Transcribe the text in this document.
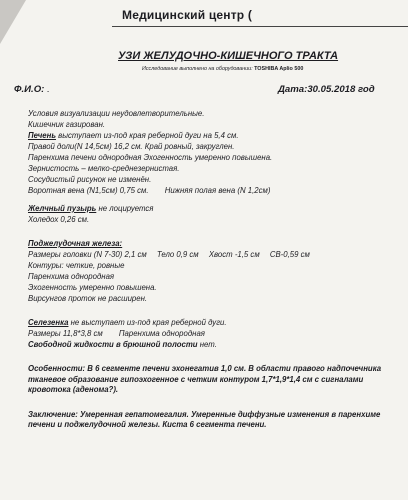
Медицинский центр (
УЗИ ЖЕЛУДОЧНО-КИШЕЧНОГО ТРАКТА
Исследование выполнено на оборудовании: TOSHIBA Aplio 500
Ф.И.О: .	Дата:30.05.2018 год
Условия визуализации неудовлетворительные.
Кишечник газирован.
Печень выступает из-под края реберной дуги на 5,4 см.
Правой доли(N 14,5см) 16,2 см. Край ровный, закруглен.
Паренхима печени однородная Эхогенность умеренно повышена.
Зернистость – мелко-среднезернистая.
Сосудистый рисунок не изменён.
Воротная вена (N1,5см) 0,75 см. Нижняя полая вена (N 1,2см)
Желчный пузырь не лоцируется
Холедох 0,26 см.
Поджелудочная железа:
Размеры головки (N 7-30) 2,1 см Тело 0,9 см Хвост -1,5 см СВ-0,59 см
Контуры: четкие, ровные
Паренхима однородная
Эхогенность умеренно повышена.
Вирсунгов проток не расширен.
Селезенка не выступает из-под края реберной дуги.
Размеры 11,8*3,8 см Паренхима однородная
Свободной жидкости в брюшной полости нет.
Особенности: В 6 сегменте печени эхонегатив 1,0 см. В области правого надпочечника тканевое образование гипоэхогенное с четким контуром 1,7*1,9*1,4 см с сигналами кровотока (аденома?).
Заключение: Умеренная гепатомегалия. Умеренные диффузные изменения в паренхиме печени и поджелудочной железы. Киста 6 сегмента печени.
